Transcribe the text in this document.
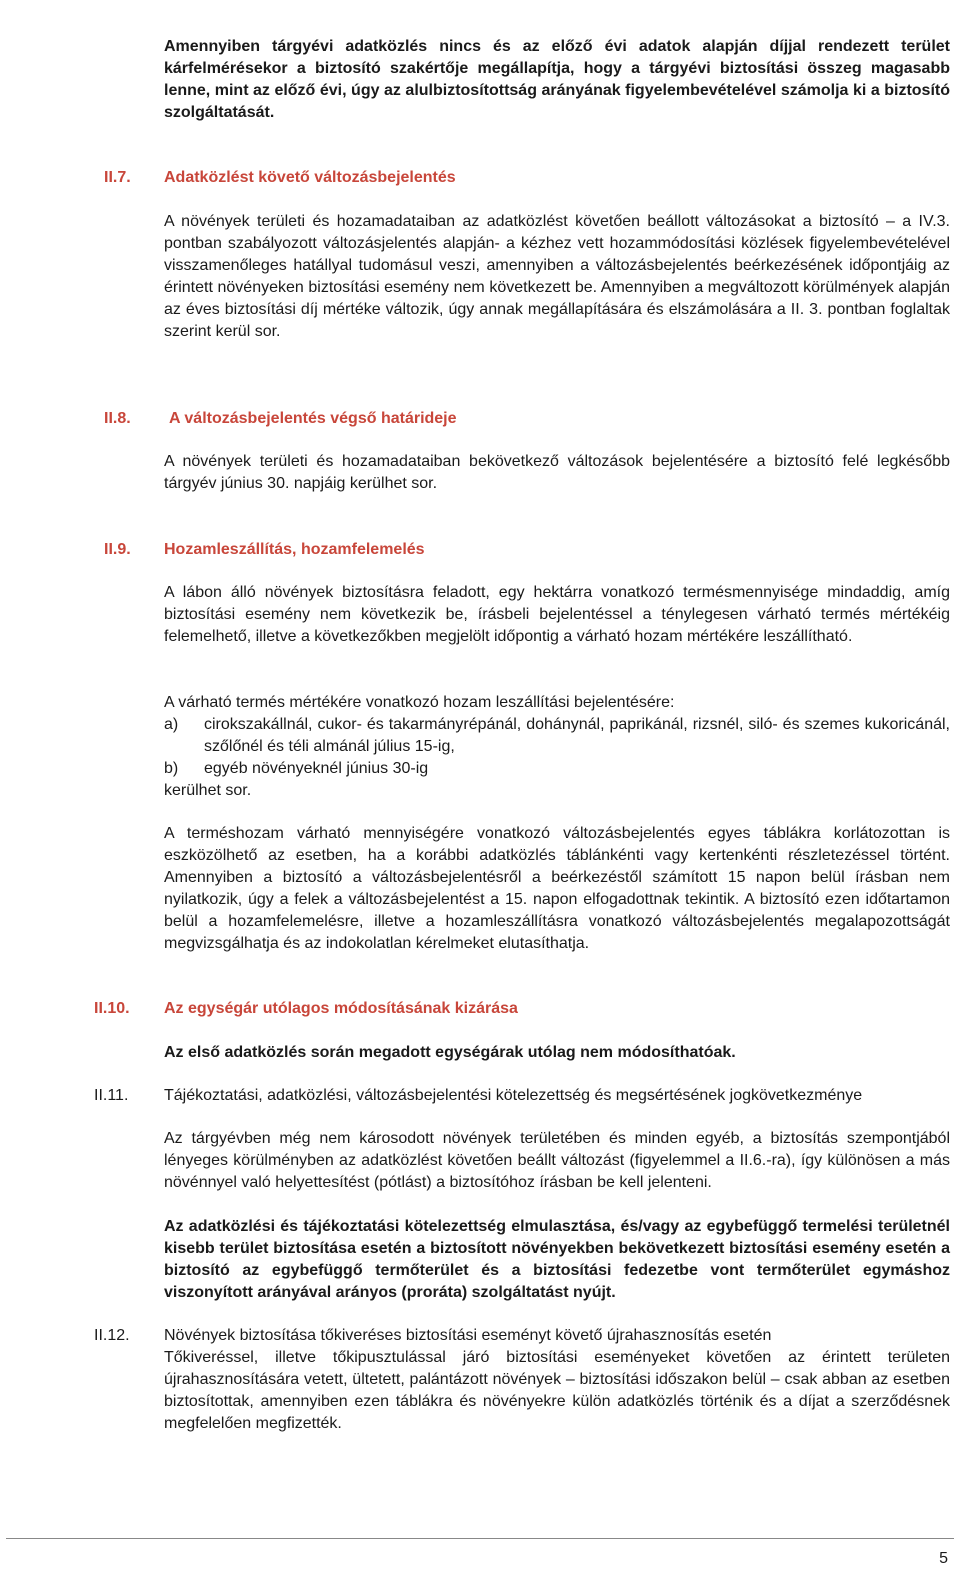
Amennyiben tárgyévi adatközlés nincs és az előző évi adatok alapján díjjal rendezett terület kárfelmérésekor a biztosító szakértője megállapítja, hogy a tárgyévi biztosítási összeg magasabb lenne, mint az előző évi, úgy az alulbiztosítottság arányának figyelembevételével számolja ki a biztosító szolgáltatását.

II.7. Adatközlést követő változásbejelentés

A növények területi és hozamadataiban az adatközlést követően beállott változásokat a biztosító – a IV.3. pontban szabályozott változásjelentés alapján- a kézhez vett hozammódosítási közlések figyelembevételével visszamenőleges hatállyal tudomásul veszi, amennyiben a változásbejelentés beérkezésének időpontjáig az érintett növényeken biztosítási esemény nem következett be. Amennyiben a megváltozott körülmények alapján az éves biztosítási díj mértéke változik, úgy annak megállapítására és elszámolására a II. 3. pontban foglaltak szerint kerül sor.

II.8. A változásbejelentés végső határideje

A növények területi és hozamadataiban bekövetkező változások bejelentésére a biztosító felé legkésőbb tárgyév június 30. napjáig kerülhet sor.

II.9. Hozamleszállítás, hozamfelemelés

A lábon álló növények biztosításra feladott, egy hektárra vonatkozó termésmennyisége mindaddig, amíg biztosítási esemény nem következik be, írásbeli bejelentéssel a ténylegesen várható termés mértékéig felemelhető, illetve a következőkben megjelölt időpontig a várható hozam mértékére leszállítható.

A várható termés mértékére vonatkozó hozam leszállítási bejelentésére:

a) cirokszakállnál, cukor- és takarmányrépánál, dohánynál, paprikánál, rizsnél, siló- és szemes kukoricánál, szőlőnél és téli almánál július 15-ig,

b) egyéb növényeknél június 30-ig

kerülhet sor.

A terméshozam várható mennyiségére vonatkozó változásbejelentés egyes táblákra korlátozottan is eszközölhető az esetben, ha a korábbi adatközlés táblánkénti vagy kertenkénti részletezéssel történt. Amennyiben a biztosító a változásbejelentésről a beérkezéstől számított 15 napon belül írásban nem nyilatkozik, úgy a felek a változásbejelentést a 15. napon elfogadottnak tekintik. A biztosító ezen időtartamon belül a hozamfelemelésre, illetve a hozamleszállításra vonatkozó változásbejelentés megalapozottságát megvizsgálhatja és az indokolatlan kérelmeket elutasíthatja.

II.10. Az egységár utólagos módosításának kizárása

Az első adatközlés során megadott egységárak utólag nem módosíthatóak.

II.11. Tájékoztatási, adatközlési, változásbejelentési kötelezettség és megsértésének jogkövetkezménye

Az tárgyévben még nem károsodott növények területében és minden egyéb, a biztosítás szempontjából lényeges körülményben az adatközlést követően beállt változást (figyelemmel a II.6.-ra), így különösen a más növénnyel való helyettesítést (pótlást) a biztosítóhoz írásban be kell jelenteni.

Az adatközlési és tájékoztatási kötelezettség elmulasztása, és/vagy az egybefüggő termelési területnél kisebb terület biztosítása esetén a biztosított növényekben bekövetkezett biztosítási esemény esetén a biztosító az egybefüggő termőterület és a biztosítási fedezetbe vont termőterület egymáshoz viszonyított arányával arányos (proráta) szolgáltatást nyújt.

II.12. Növények biztosítása tőkiveréses biztosítási eseményt követő újrahasznosítás esetén

Tőkiveréssel, illetve tőkipusztulással járó biztosítási eseményeket követően az érintett területen újrahasznosítására vetett, ültetett, palántázott növények – biztosítási időszakon belül – csak abban az esetben biztosítottak, amennyiben ezen táblákra és növényekre külön adatközlés történik és a díjat a szerződésnek megfelelően megfizették.

5
